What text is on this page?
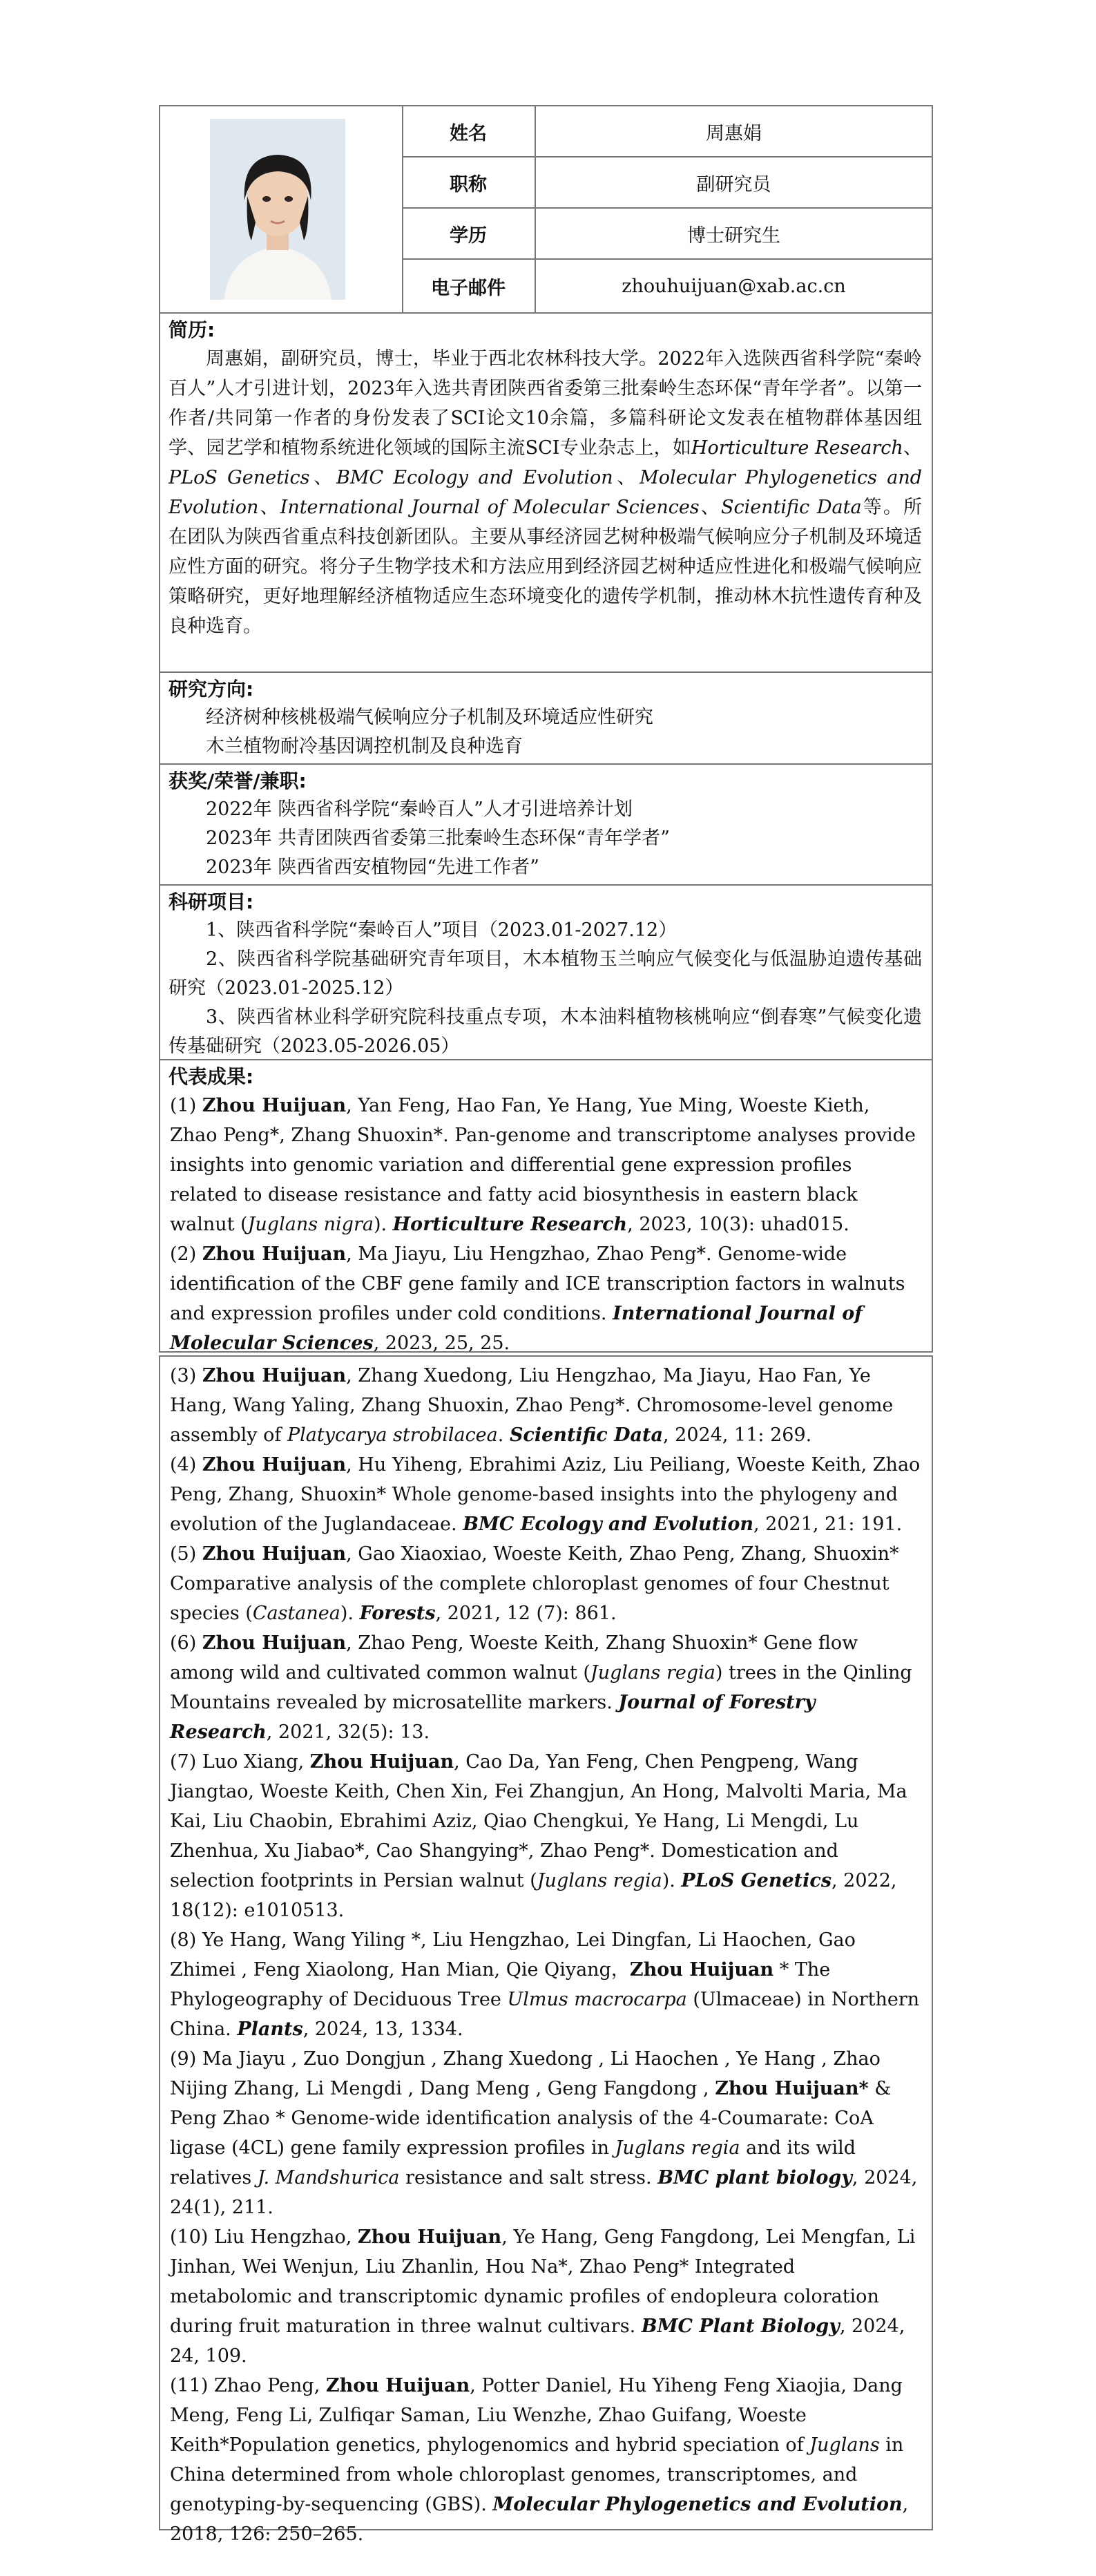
姓名	周惠娟
职称	副研究员
学历	博士研究生
电子邮件	zhouhuijuan@xab.ac.cn
简历:
周惠娟，副研究员，博士，毕业于西北农林科技大学。2022年入选陕西省科学院“秦岭百人”人才引进计划，2023年入选共青团陕西省委第三批秦岭生态环保“青年学者”。以第一作者/共同第一作者的身份发表了SCI论文10余篇，多篇科研论文发表在植物群体基因组学、园艺学和植物系统进化领域的国际主流SCI专业杂志上，如Horticulture Research、PLoS Genetics、BMC Ecology and Evolution、Molecular Phylogenetics and Evolution、International Journal of Molecular Sciences、Scientific Data等。所在团队为陕西省重点科技创新团队。主要从事经济园艺树种极端气候响应分子机制及环境适应性方面的研究。将分子生物学技术和方法应用到经济园艺树种适应性进化和极端气候响应策略研究，更好地理解经济植物适应生态环境变化的遗传学机制，推动林木抗性遗传育种及良种选育。
研究方向:
经济树种核桃极端气候响应分子机制及环境适应性研究
木兰植物耐冷基因调控机制及良种选育
获奖/荣誉/兼职:
2022年 陕西省科学院“秦岭百人”人才引进培养计划
2023年 共青团陕西省委第三批秦岭生态环保“青年学者”
2023年 陕西省西安植物园“先进工作者”
科研项目:
1、陕西省科学院“秦岭百人”项目（2023.01-2027.12）
2、陕西省科学院基础研究青年项目，木本植物玉兰响应气候变化与低温胁迫遗传基础研究（2023.01-2025.12）
3、陕西省林业科学研究院科技重点专项，木本油料植物核桃响应“倒春寒”气候变化遗传基础研究（2023.05-2026.05）
代表成果:
(1) Zhou Huijuan, Yan Feng, Hao Fan, Ye Hang, Yue Ming, Woeste Kieth, Zhao Peng*, Zhang Shuoxin*. Pan-genome and transcriptome analyses provide insights into genomic variation and differential gene expression profiles related to disease resistance and fatty acid biosynthesis in eastern black walnut (Juglans nigra). Horticulture Research, 2023, 10(3): uhad015.
(2) Zhou Huijuan, Ma Jiayu, Liu Hengzhao, Zhao Peng*. Genome-wide identification of the CBF gene family and ICE transcription factors in walnuts and expression profiles under cold conditions. International Journal of Molecular Sciences, 2023, 25, 25.
(3) Zhou Huijuan, Zhang Xuedong, Liu Hengzhao, Ma Jiayu, Hao Fan, Ye Hang, Wang Yaling, Zhang Shuoxin, Zhao Peng*. Chromosome-level genome assembly of Platycarya strobilacea. Scientific Data, 2024, 11: 269.
(4) Zhou Huijuan, Hu Yiheng, Ebrahimi Aziz, Liu Peiliang, Woeste Keith, Zhao Peng, Zhang, Shuoxin* Whole genome-based insights into the phylogeny and evolution of the Juglandaceae. BMC Ecology and Evolution, 2021, 21: 191.
(5) Zhou Huijuan, Gao Xiaoxiao, Woeste Keith, Zhao Peng, Zhang, Shuoxin* Comparative analysis of the complete chloroplast genomes of four Chestnut species (Castanea). Forests, 2021, 12 (7): 861.
(6) Zhou Huijuan, Zhao Peng, Woeste Keith, Zhang Shuoxin* Gene flow among wild and cultivated common walnut (Juglans regia) trees in the Qinling Mountains revealed by microsatellite markers. Journal of Forestry Research, 2021, 32(5): 13.
(7) Luo Xiang, Zhou Huijuan, Cao Da, Yan Feng, Chen Pengpeng, Wang Jiangtao, Woeste Keith, Chen Xin, Fei Zhangjun, An Hong, Malvolti Maria, Ma Kai, Liu Chaobin, Ebrahimi Aziz, Qiao Chengkui, Ye Hang, Li Mengdi, Lu Zhenhua, Xu Jiabao*, Cao Shangying*, Zhao Peng*. Domestication and selection footprints in Persian walnut (Juglans regia). PLoS Genetics, 2022, 18(12): e1010513.
(8) Ye Hang, Wang Yiling *, Liu Hengzhao, Lei Dingfan, Li Haochen, Gao Zhimei , Feng Xiaolong, Han Mian, Qie Qiyang，Zhou Huijuan * The Phylogeography of Deciduous Tree Ulmus macrocarpa (Ulmaceae) in Northern China. Plants, 2024, 13, 1334.
(9) Ma Jiayu , Zuo Dongjun , Zhang Xuedong , Li Haochen , Ye Hang , Zhao Nijing Zhang, Li Mengdi , Dang Meng , Geng Fangdong , Zhou Huijuan* & Peng Zhao * Genome-wide identification analysis of the 4-Coumarate: CoA ligase (4CL) gene family expression profiles in Juglans regia and its wild relatives J. Mandshurica resistance and salt stress. BMC plant biology, 2024, 24(1), 211.
(10) Liu Hengzhao, Zhou Huijuan, Ye Hang, Geng Fangdong, Lei Mengfan, Li Jinhan, Wei Wenjun, Liu Zhanlin, Hou Na*, Zhao Peng* Integrated metabolomic and transcriptomic dynamic profiles of endopleura coloration during fruit maturation in three walnut cultivars. BMC Plant Biology, 2024, 24, 109.
(11) Zhao Peng, Zhou Huijuan, Potter Daniel, Hu Yiheng Feng Xiaojia, Dang Meng, Feng Li, Zulfiqar Saman, Liu Wenzhe, Zhao Guifang, Woeste Keith*Population genetics, phylogenomics and hybrid speciation of Juglans in China determined from whole chloroplast genomes, transcriptomes, and genotyping-by-sequencing (GBS). Molecular Phylogenetics and Evolution, 2018, 126: 250–265.
